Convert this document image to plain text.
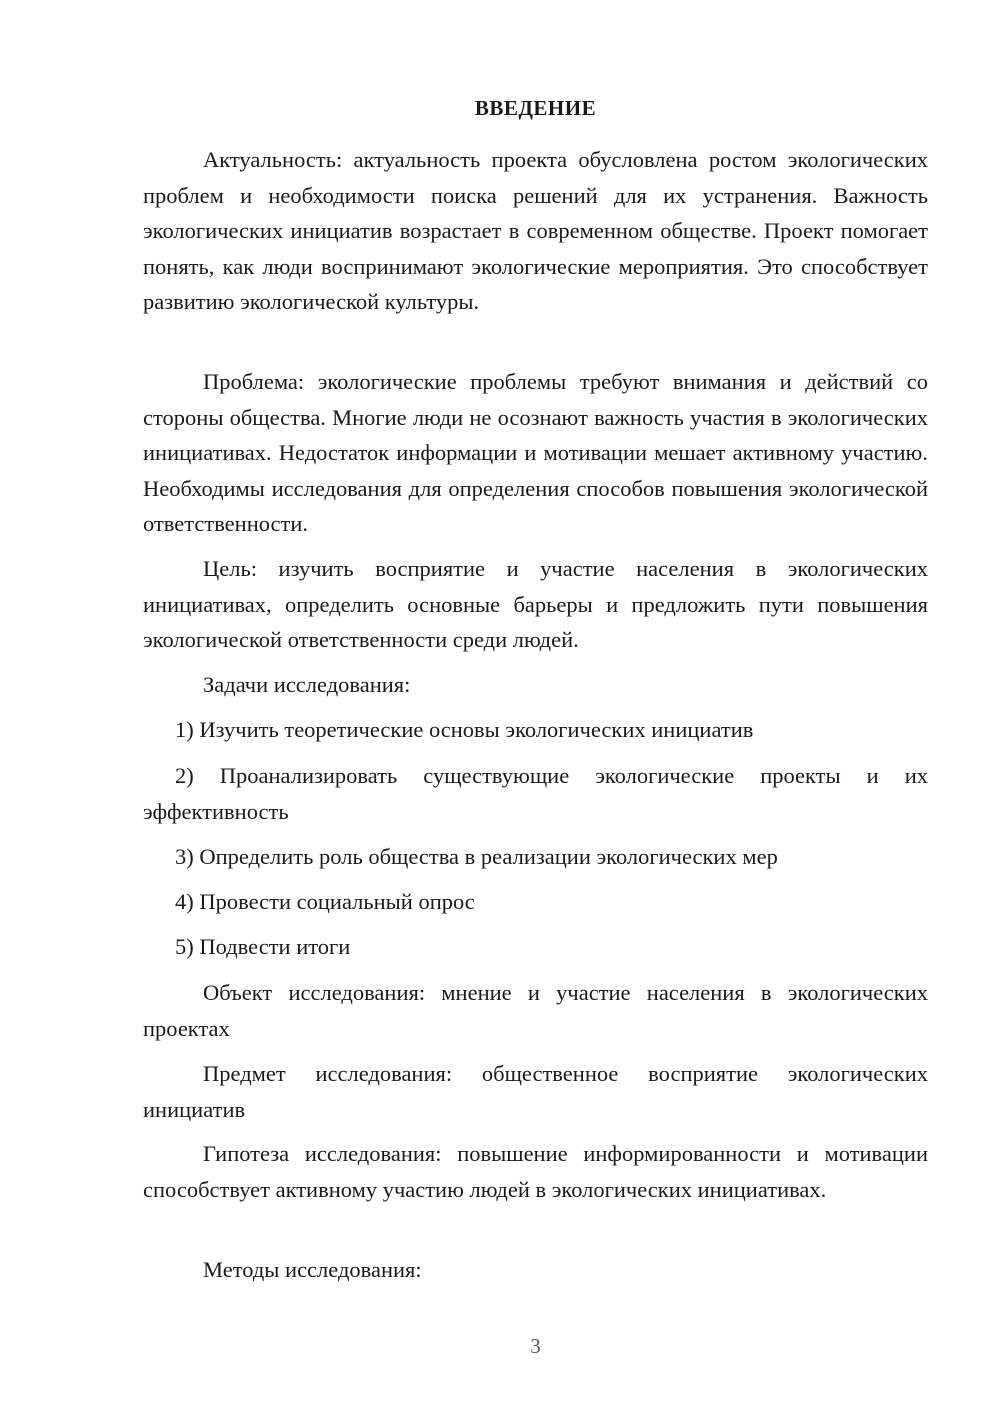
ВВЕДЕНИЕ

Актуальность: актуальность проекта обусловлена ростом экологических проблем и необходимости поиска решений для их устранения. Важность экологических инициатив возрастает в современном обществе. Проект помогает понять, как люди воспринимают экологические мероприятия. Это способствует развитию экологической культуры.

Проблема: экологические проблемы требуют внимания и действий со стороны общества. Многие люди не осознают важность участия в экологических инициативах. Недостаток информации и мотивации мешает активному участию. Необходимы исследования для определения способов повышения экологической ответственности.

Цель: изучить восприятие и участие населения в экологических инициативах, определить основные барьеры и предложить пути повышения экологической ответственности среди людей.

Задачи исследования:

1) Изучить теоретические основы экологических инициатив

2) Проанализировать существующие экологические проекты и их эффективность

3) Определить роль общества в реализации экологических мер

4) Провести социальный опрос

5) Подвести итоги

Объект исследования: мнение и участие населения в экологических проектах

Предмет исследования: общественное восприятие экологических инициатив

Гипотеза исследования: повышение информированности и мотивации способствует активному участию людей в экологических инициативах.

Методы исследования:

3
